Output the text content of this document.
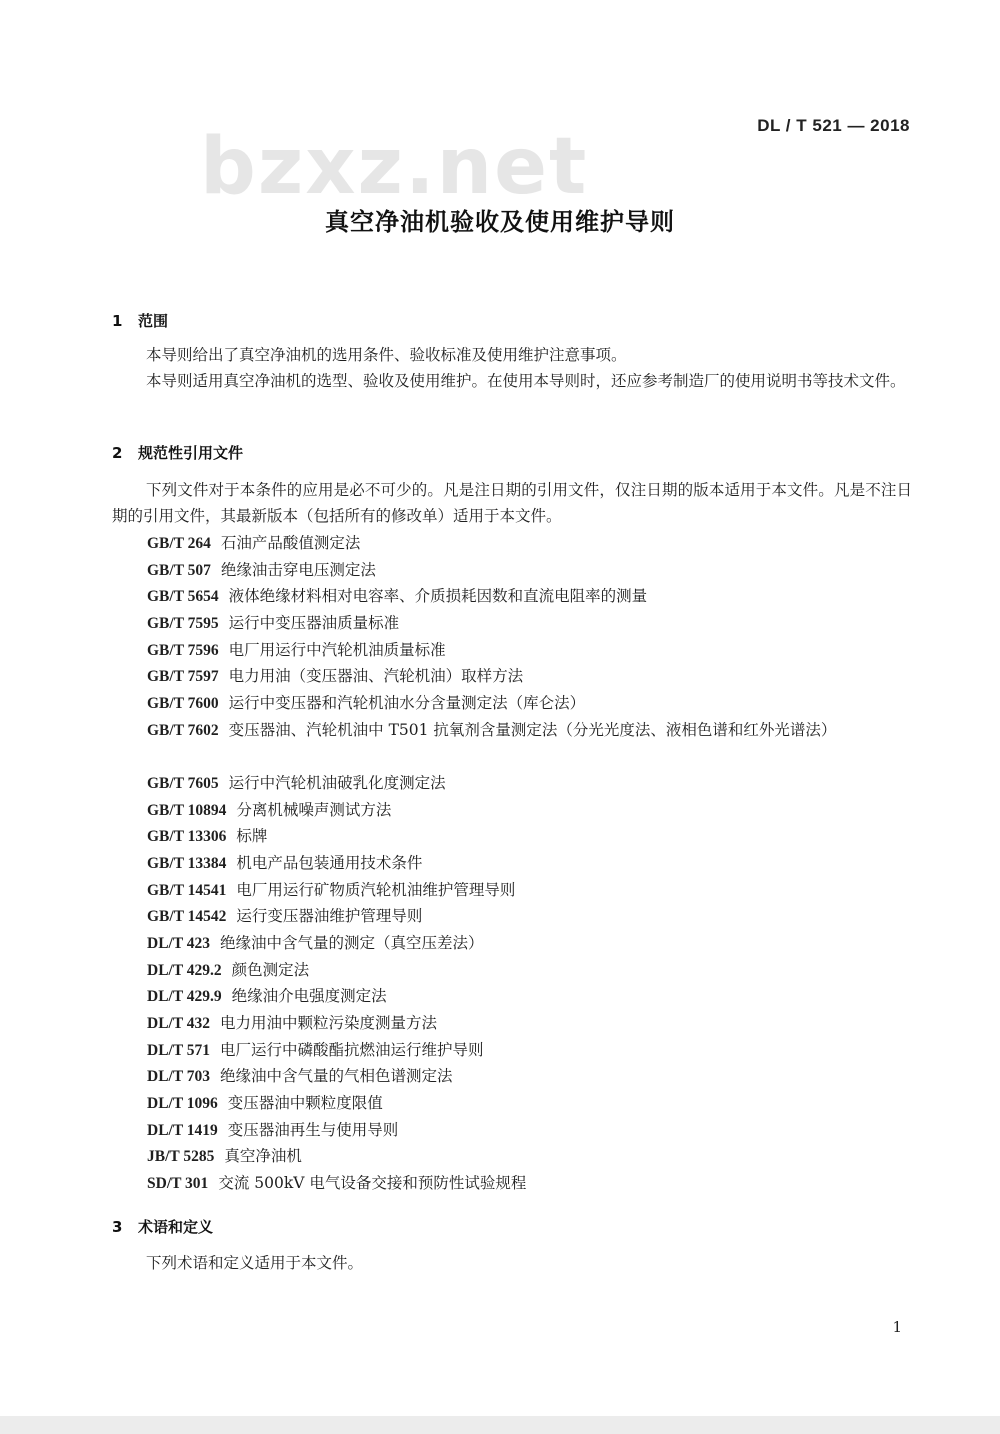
DL / T 521 — 2018
bzxz.net
真空净油机验收及使用维护导则
1 范围
本导则给出了真空净油机的选用条件、验收标准及使用维护注意事项。
本导则适用真空净油机的选型、验收及使用维护。在使用本导则时，还应参考制造厂的使用说明书等技术文件。
2 规范性引用文件
下列文件对于本条件的应用是必不可少的。凡是注日期的引用文件，仅注日期的版本适用于本文件。凡是不注日期的引用文件，其最新版本（包括所有的修改单）适用于本文件。
GB/T 264 石油产品酸值测定法
GB/T 507 绝缘油击穿电压测定法
GB/T 5654 液体绝缘材料相对电容率、介质损耗因数和直流电阻率的测量
GB/T 7595 运行中变压器油质量标准
GB/T 7596 电厂用运行中汽轮机油质量标准
GB/T 7597 电力用油（变压器油、汽轮机油）取样方法
GB/T 7600 运行中变压器和汽轮机油水分含量测定法（库仑法）
GB/T 7602 变压器油、汽轮机油中 T501 抗氧剂含量测定法（分光光度法、液相色谱和红外光谱法）
GB/T 7605 运行中汽轮机油破乳化度测定法
GB/T 10894 分离机械噪声测试方法
GB/T 13306 标牌
GB/T 13384 机电产品包装通用技术条件
GB/T 14541 电厂用运行矿物质汽轮机油维护管理导则
GB/T 14542 运行变压器油维护管理导则
DL/T 423 绝缘油中含气量的测定（真空压差法）
DL/T 429.2 颜色测定法
DL/T 429.9 绝缘油介电强度测定法
DL/T 432 电力用油中颗粒污染度测量方法
DL/T 571 电厂运行中磷酸酯抗燃油运行维护导则
DL/T 703 绝缘油中含气量的气相色谱测定法
DL/T 1096 变压器油中颗粒度限值
DL/T 1419 变压器油再生与使用导则
JB/T 5285 真空净油机
SD/T 301 交流 500kV 电气设备交接和预防性试验规程
3 术语和定义
下列术语和定义适用于本文件。
1
